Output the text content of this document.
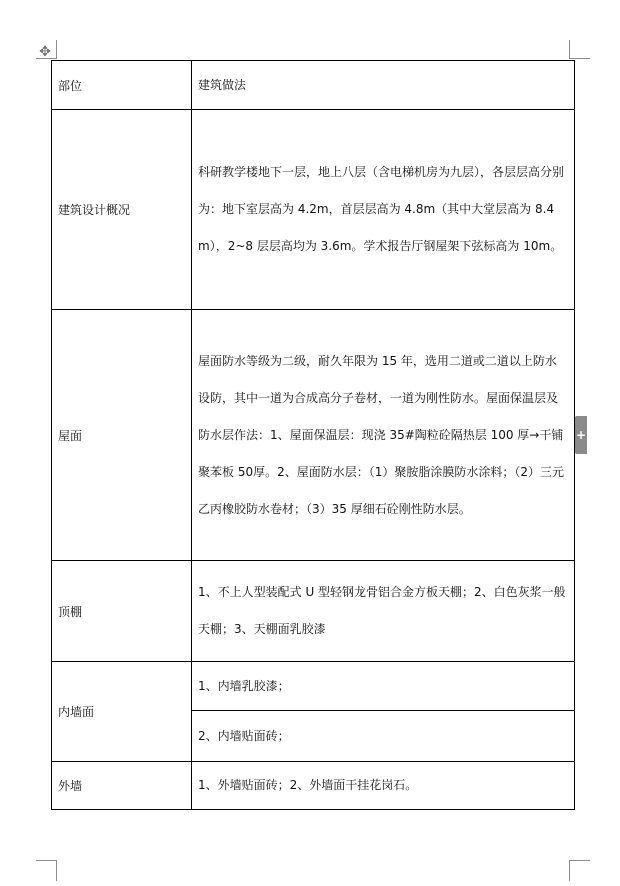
✥
+
部位	建筑做法
建筑设计概况	科研教学楼地下一层，地上八层（含电梯机房为九层），各层层高分别为：地下室层高为 4.2m，首层层高为 4.8m（其中大堂层高为 8.4m），2~8 层层高均为 3.6m。学术报告厅钢屋架下弦标高为 10m。
屋面	屋面防水等级为二级，耐久年限为 15 年，选用二道或二道以上防水设防，其中一道为合成高分子卷材，一道为刚性防水。屋面保温层及防水层作法：1、屋面保温层：现浇 35#陶粒砼隔热层 100 厚→干铺聚苯板 50厚。2、屋面防水层：（1）聚胺脂涂膜防水涂料；（2）三元乙丙橡胶防水卷材；（3）35 厚细石砼刚性防水层。
顶棚	1、不上人型装配式 U 型轻钢龙骨铝合金方板天棚；2、白色灰浆一般天棚；3、天棚面乳胶漆
内墙面	1、内墙乳胶漆；
	2、内墙贴面砖；
外墙	1、外墙贴面砖；2、外墙面干挂花岗石。
